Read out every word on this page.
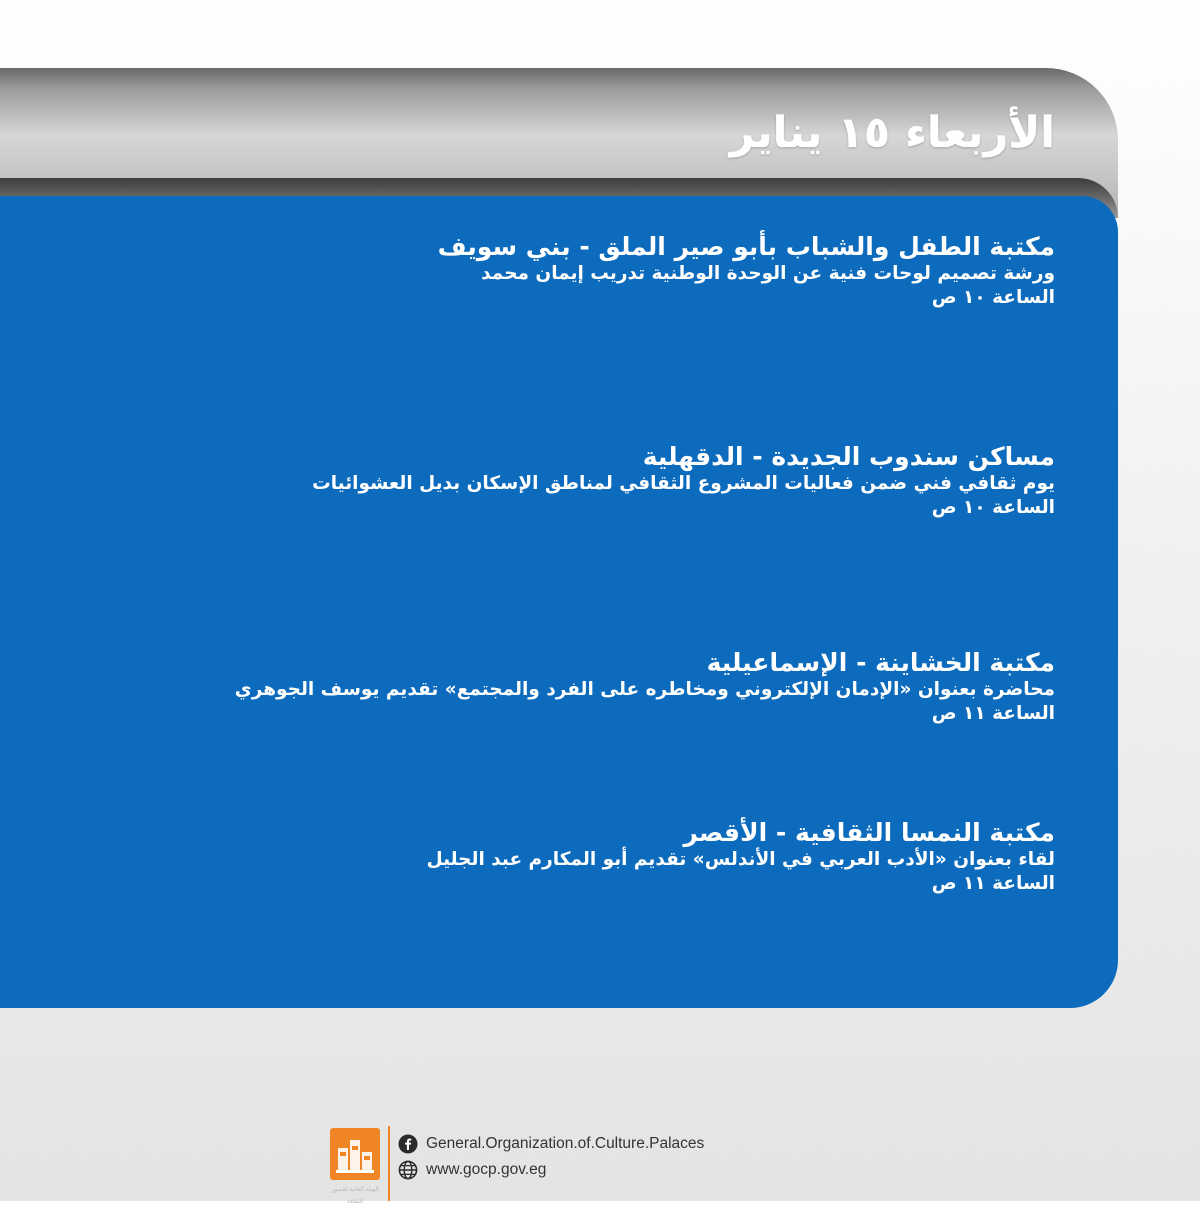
الأربعاء ١٥ يناير
مكتبة الطفل والشباب بأبو صير الملق - بني سويف
ورشة تصميم لوحات فنية عن الوحدة الوطنية تدريب إيمان محمد
الساعة ١٠ ص
مساكن سندوب الجديدة - الدقهلية
يوم ثقافي فني ضمن فعاليات المشروع الثقافي لمناطق الإسكان بديل العشوائيات
الساعة ١٠ ص
مكتبة الخشاينة - الإسماعيلية
محاضرة بعنوان «الإدمان الإلكتروني ومخاطره على الفرد والمجتمع» تقديم يوسف الجوهري
الساعة ١١ ص
مكتبة النمسا الثقافية - الأقصر
لقاء بعنوان «الأدب العربي في الأندلس» تقديم أبو المكارم عبد الجليل
الساعة ١١ ص
الهيئة العامة لقصور الثقافة
General.Organization.of.Culture.Palaces
www.gocp.gov.eg
